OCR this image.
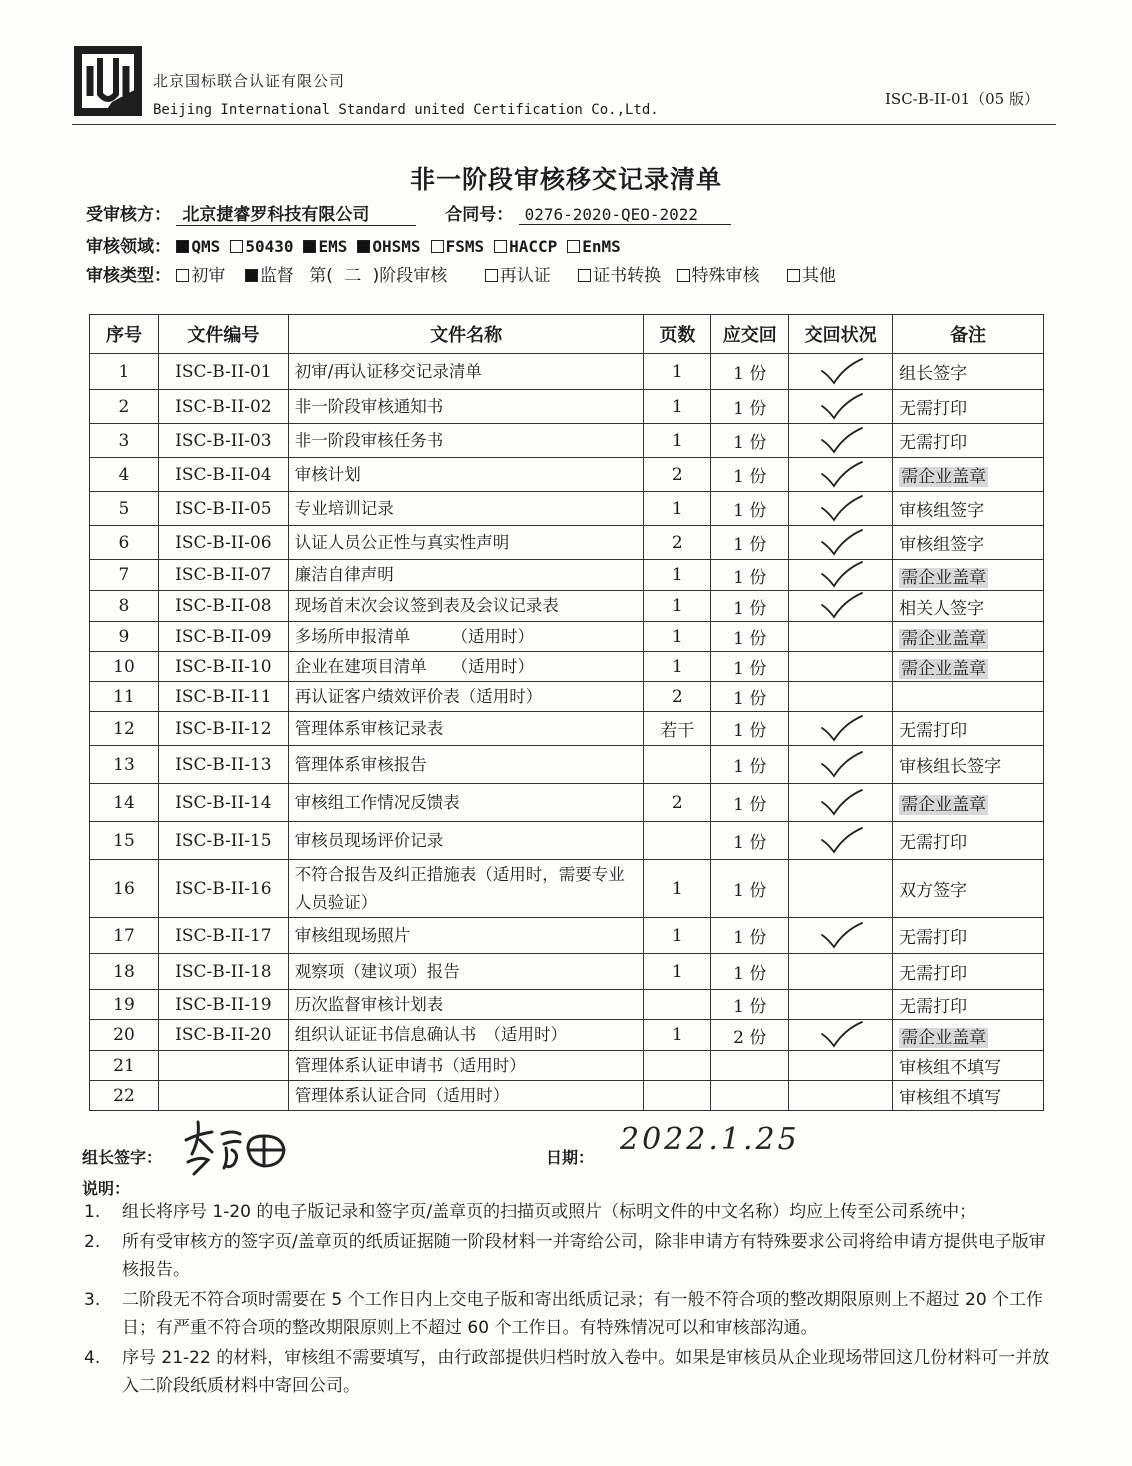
北京国标联合认证有限公司
Beijing International Standard united Certification Co.,Ltd.
ISC-B-II-01（05 版）
非一阶段审核移交记录清单
受审核方： 北京捷睿罗科技有限公司	合同号： 0276-2020-QEO-2022
审核领域： QMS 50430 EMS OHSMS FSMS HACCP EnMS
审核类型： 初审 监督 第( 二 )阶段审核	再认证 证书转换 特殊审核 其他
序号	文件编号	文件名称	页数	应交回	交回状况	备注
1	ISC-B-II-01	初审/再认证移交记录清单	1	1 份		组长签字
2	ISC-B-II-02	非一阶段审核通知书	1	1 份		无需打印
3	ISC-B-II-03	非一阶段审核任务书	1	1 份		无需打印
4	ISC-B-II-04	审核计划	2	1 份		需企业盖章
5	ISC-B-II-05	专业培训记录	1	1 份		审核组签字
6	ISC-B-II-06	认证人员公正性与真实性声明	2	1 份		审核组签字
7	ISC-B-II-07	廉洁自律声明	1	1 份		需企业盖章
8	ISC-B-II-08	现场首末次会议签到表及会议记录表	1	1 份		相关人签字
9	ISC-B-II-09	多场所申报清单　　　（适用时）	1	1 份		需企业盖章
10	ISC-B-II-10	企业在建项目清单　　（适用时）	1	1 份		需企业盖章
11	ISC-B-II-11	再认证客户绩效评价表（适用时）	2	1 份		
12	ISC-B-II-12	管理体系审核记录表	若干	1 份		无需打印
13	ISC-B-II-13	管理体系审核报告		1 份		审核组长签字
14	ISC-B-II-14	审核组工作情况反馈表	2	1 份		需企业盖章
15	ISC-B-II-15	审核员现场评价记录		1 份		无需打印
16	ISC-B-II-16	不符合报告及纠正措施表（适用时，需要专业人员验证）	1	1 份		双方签字
17	ISC-B-II-17	审核组现场照片	1	1 份		无需打印
18	ISC-B-II-18	观察项（建议项）报告	1	1 份		无需打印
19	ISC-B-II-19	历次监督审核计划表		1 份		无需打印
20	ISC-B-II-20	组织认证证书信息确认书　（适用时）	1	2 份		需企业盖章
21		管理体系认证申请书（适用时）				审核组不填写
22		管理体系认证合同（适用时）				审核组不填写
组长签字：	日期：
2022.1.25
说明：
1.	组长将序号 1-20 的电子版记录和签字页/盖章页的扫描页或照片（标明文件的中文名称）均应上传至公司系统中；
2.	所有受审核方的签字页/盖章页的纸质证据随一阶段材料一并寄给公司，除非申请方有特殊要求公司将给申请方提供电子版审核报告。
3.	二阶段无不符合项时需要在 5 个工作日内上交电子版和寄出纸质记录；有一般不符合项的整改期限原则上不超过 20 个工作日；有严重不符合项的整改期限原则上不超过 60 个工作日。有特殊情况可以和审核部沟通。
4.	序号 21-22 的材料，审核组不需要填写，由行政部提供归档时放入卷中。如果是审核员从企业现场带回这几份材料可一并放入二阶段纸质材料中寄回公司。
